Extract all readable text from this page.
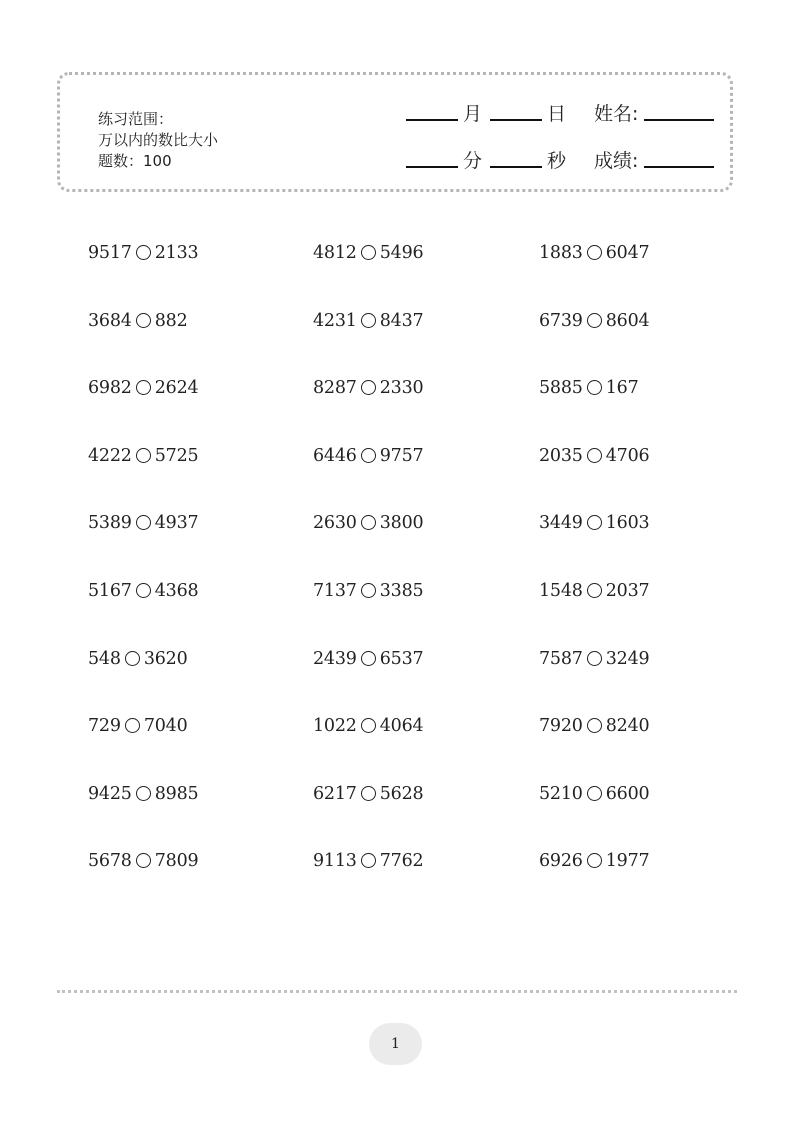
练习范围：
万以内的数比大小
题数：100
月	日 姓名:
分	秒 成绩:
9517 2133	4812 5496	1883 6047
3684 882	4231 8437	6739 8604
6982 2624	8287 2330	5885 167
4222 5725	6446 9757	2035 4706
5389 4937	2630 3800	3449 1603
5167 4368	7137 3385	1548 2037
548 3620	2439 6537	7587 3249
729 7040	1022 4064	7920 8240
9425 8985	6217 5628	5210 6600
5678 7809	9113 7762	6926 1977
1
